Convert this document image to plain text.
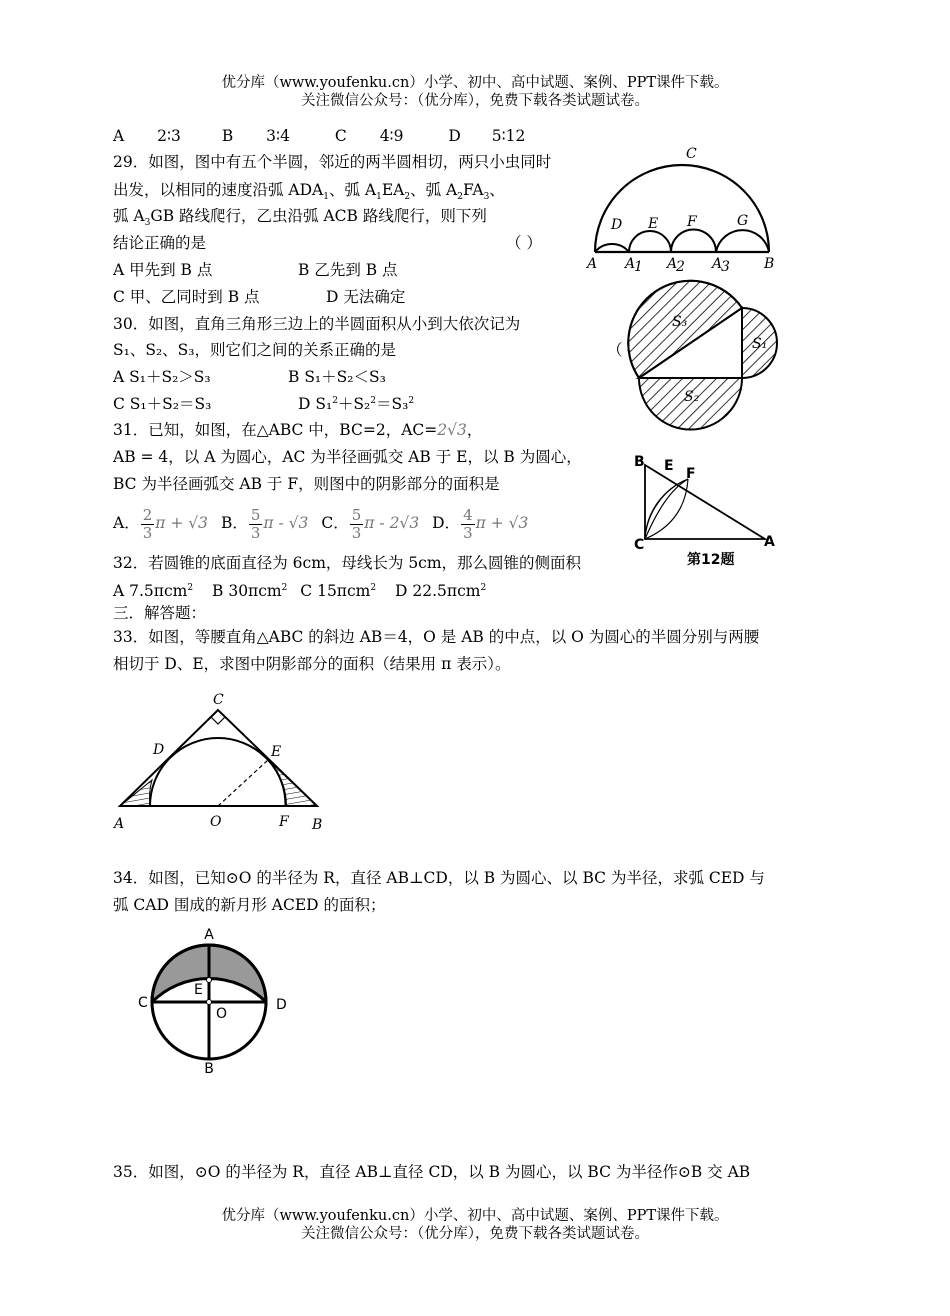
优分库（www.youfenku.cn）小学、初中、高中试题、案例、PPT课件下载。
关注微信公众号：（优分库），免费下载各类试题试卷。
A 2∶3	B 3∶4	C 4∶9	D 5∶12
29．如图，图中有五个半圆，邻近的两半圆相切，两只小虫同时
出发，以相同的速度沿弧 $ADA_1$、弧 $A_1EA_2$、弧 $A_2FA_3$、
弧 $A_3GB$ 路线爬行，乙虫沿弧 ACB 路线爬行，则下列
结论正确的是	（ ）
A 甲先到 B 点	B 乙先到 B 点
C 甲、乙同时到 B 点	D 无法确定
C
D E F	G
A A
1 A
2 A
3 B
30．如图，直角三角形三边上的半圆面积从小到大依次记为
S₁、S₂、S₃，则它们之间的关系正确的是	（
A S₁＋S₂＞S₃	B S₁＋S₂＜S₃
C S₁＋S₂＝S₃	D S₁$^2$＋S₂$^2$＝S₃$^2$
S₃
S₁
S₂
31．已知，如图，在△ABC 中，BC=2，AC=2√3，
AB = 4，以 A 为圆心，AC 为半径画弧交 AB 于 E，以 B 为圆心，
BC 为半径画弧交 AB 于 F，则图中的阴影部分的面积是
A． $\frac{2}{3}$ π + √3 B． $\frac{5}{3}$ π - √3 C． $\frac{5}{3}$ π - 2√3 D． $\frac{4}{3}$ π + √3
B E F
C	A
第12题
32．若圆锥的底面直径为 6cm，母线长为 5cm，那么圆锥的侧面积
A 7.5πcm$^2$ B 30πcm$^2$ C 15πcm$^2$ D 22.5πcm$^2$
三．解答题：
33．如图，等腰直角△ABC 的斜边 AB＝4，O 是 AB 的中点，以 O 为圆心的半圆分别与两腰
相切于 D、E，求图中阴影部分的面积（结果用 π 表示）。
C
D	E
A	O	F B
34．如图，已知⊙O 的半径为 R，直径 AB⊥CD，以 B 为圆心、以 BC 为半径，求弧 CED 与
弧 CAD 围成的新月形 ACED 的面积；
A
B
C	D
E
O
35．如图，⊙O 的半径为 R，直径 AB⊥直径 CD，以 B 为圆心，以 BC 为半径作⊙B 交 AB
优分库（www.youfenku.cn）小学、初中、高中试题、案例、PPT课件下载。
关注微信公众号：（优分库），免费下载各类试题试卷。
